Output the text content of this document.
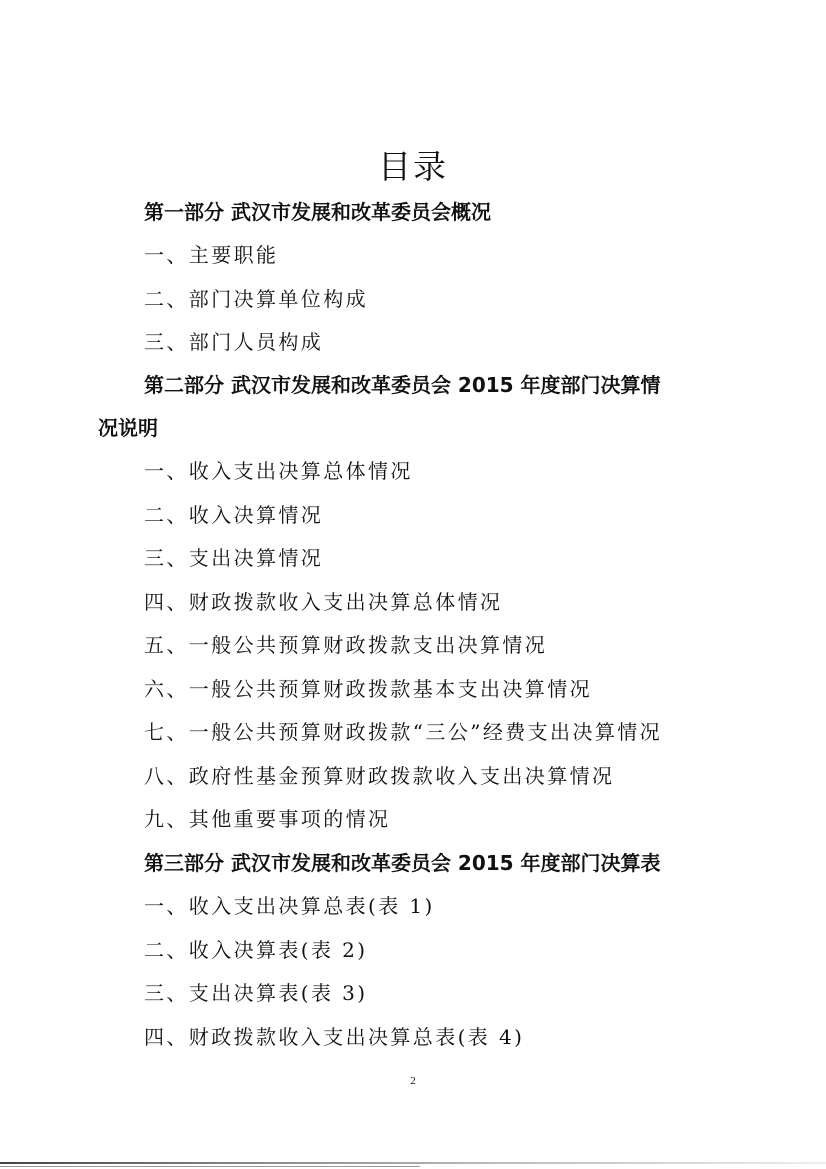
目录
第一部分 武汉市发展和改革委员会概况
一、主要职能
二、部门决算单位构成
三、部门人员构成
第二部分 武汉市发展和改革委员会 2015 年度部门决算情
况说明
一、收入支出决算总体情况
二、收入决算情况
三、支出决算情况
四、财政拨款收入支出决算总体情况
五、一般公共预算财政拨款支出决算情况
六、一般公共预算财政拨款基本支出决算情况
七、一般公共预算财政拨款“三公”经费支出决算情况
八、政府性基金预算财政拨款收入支出决算情况
九、其他重要事项的情况
第三部分 武汉市发展和改革委员会 2015 年度部门决算表
一、收入支出决算总表(表 1)
二、收入决算表(表 2)
三、支出决算表(表 3)
四、财政拨款收入支出决算总表(表 4)
2
